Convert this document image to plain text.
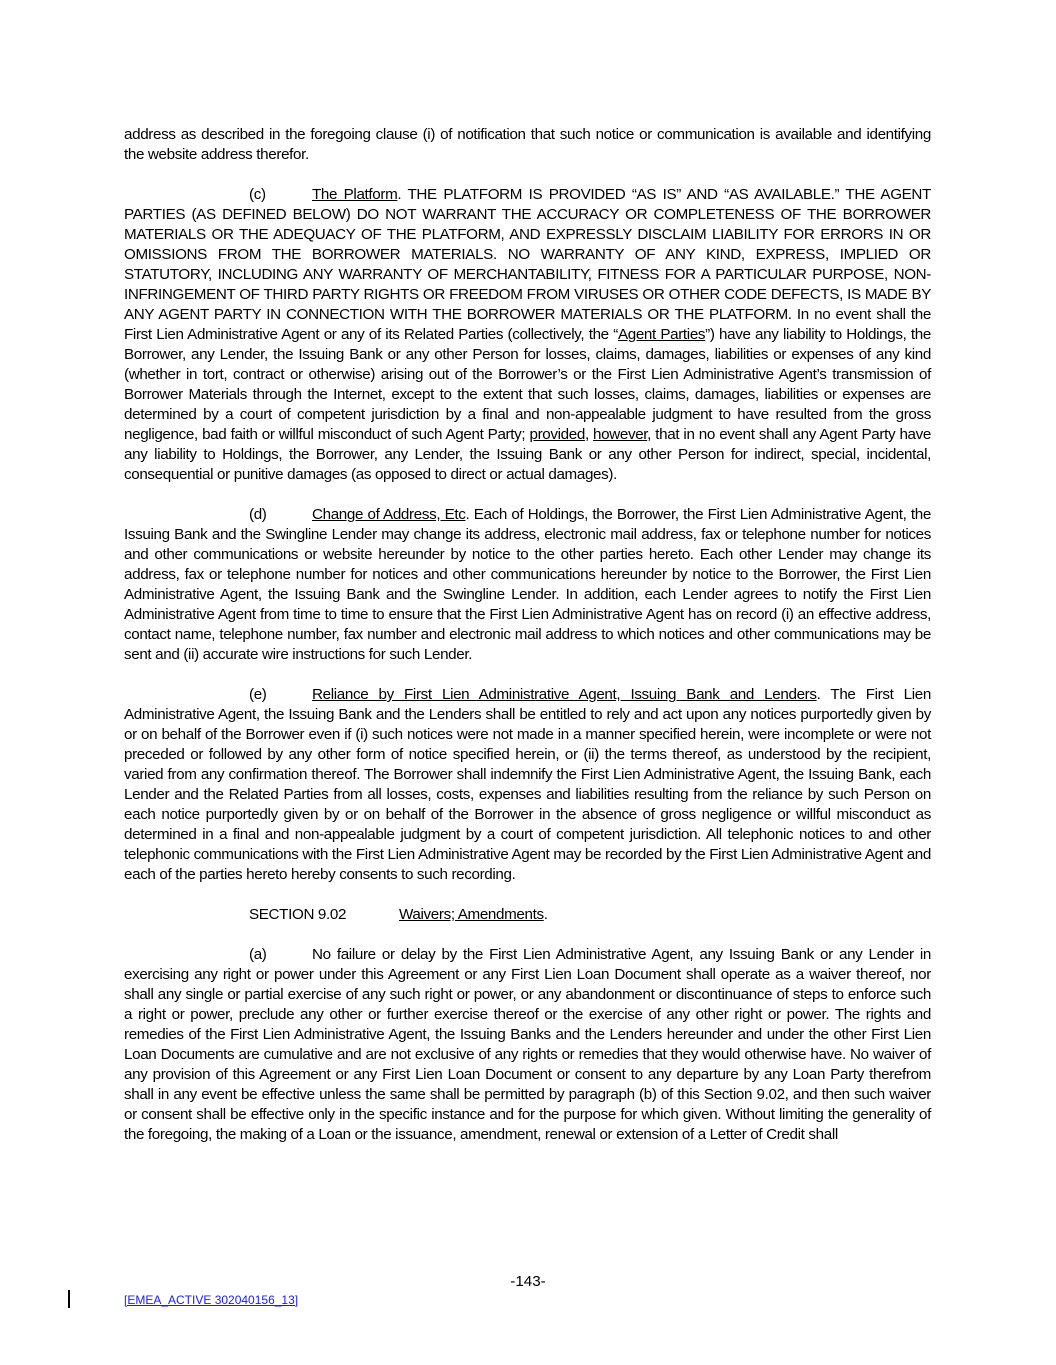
address as described in the foregoing clause (i) of notification that such notice or communication is available and identifying the website address therefor.

(c)	The Platform. THE PLATFORM IS PROVIDED “AS IS” AND “AS AVAILABLE.” THE AGENT PARTIES (AS DEFINED BELOW) DO NOT WARRANT THE ACCURACY OR COMPLETENESS OF THE BORROWER MATERIALS OR THE ADEQUACY OF THE PLATFORM, AND EXPRESSLY DISCLAIM LIABILITY FOR ERRORS IN OR OMISSIONS FROM THE BORROWER MATERIALS. NO WARRANTY OF ANY KIND, EXPRESS, IMPLIED OR STATUTORY, INCLUDING ANY WARRANTY OF MERCHANTABILITY, FITNESS FOR A PARTICULAR PURPOSE, NON-INFRINGEMENT OF THIRD PARTY RIGHTS OR FREEDOM FROM VIRUSES OR OTHER CODE DEFECTS, IS MADE BY ANY AGENT PARTY IN CONNECTION WITH THE BORROWER MATERIALS OR THE PLATFORM. In no event shall the First Lien Administrative Agent or any of its Related Parties (collectively, the “Agent Parties”) have any liability to Holdings, the Borrower, any Lender, the Issuing Bank or any other Person for losses, claims, damages, liabilities or expenses of any kind (whether in tort, contract or otherwise) arising out of the Borrower’s or the First Lien Administrative Agent’s transmission of Borrower Materials through the Internet, except to the extent that such losses, claims, damages, liabilities or expenses are determined by a court of competent jurisdiction by a final and non-appealable judgment to have resulted from the gross negligence, bad faith or willful misconduct of such Agent Party; provided, however, that in no event shall any Agent Party have any liability to Holdings, the Borrower, any Lender, the Issuing Bank or any other Person for indirect, special, incidental, consequential or punitive damages (as opposed to direct or actual damages).

(d)	Change of Address, Etc. Each of Holdings, the Borrower, the First Lien Administrative Agent, the Issuing Bank and the Swingline Lender may change its address, electronic mail address, fax or telephone number for notices and other communications or website hereunder by notice to the other parties hereto. Each other Lender may change its address, fax or telephone number for notices and other communications hereunder by notice to the Borrower, the First Lien Administrative Agent, the Issuing Bank and the Swingline Lender. In addition, each Lender agrees to notify the First Lien Administrative Agent from time to time to ensure that the First Lien Administrative Agent has on record (i) an effective address, contact name, telephone number, fax number and electronic mail address to which notices and other communications may be sent and (ii) accurate wire instructions for such Lender.

(e)	Reliance by First Lien Administrative Agent, Issuing Bank and Lenders. The First Lien Administrative Agent, the Issuing Bank and the Lenders shall be entitled to rely and act upon any notices purportedly given by or on behalf of the Borrower even if (i) such notices were not made in a manner specified herein, were incomplete or were not preceded or followed by any other form of notice specified herein, or (ii) the terms thereof, as understood by the recipient, varied from any confirmation thereof. The Borrower shall indemnify the First Lien Administrative Agent, the Issuing Bank, each Lender and the Related Parties from all losses, costs, expenses and liabilities resulting from the reliance by such Person on each notice purportedly given by or on behalf of the Borrower in the absence of gross negligence or willful misconduct as determined in a final and non-appealable judgment by a court of competent jurisdiction. All telephonic notices to and other telephonic communications with the First Lien Administrative Agent may be recorded by the First Lien Administrative Agent and each of the parties hereto hereby consents to such recording.

SECTION 9.02	Waivers; Amendments.

(a)	No failure or delay by the First Lien Administrative Agent, any Issuing Bank or any Lender in exercising any right or power under this Agreement or any First Lien Loan Document shall operate as a waiver thereof, nor shall any single or partial exercise of any such right or power, or any abandonment or discontinuance of steps to enforce such a right or power, preclude any other or further exercise thereof or the exercise of any other right or power. The rights and remedies of the First Lien Administrative Agent, the Issuing Banks and the Lenders hereunder and under the other First Lien Loan Documents are cumulative and are not exclusive of any rights or remedies that they would otherwise have. No waiver of any provision of this Agreement or any First Lien Loan Document or consent to any departure by any Loan Party therefrom shall in any event be effective unless the same shall be permitted by paragraph (b) of this Section 9.02, and then such waiver or consent shall be effective only in the specific instance and for the purpose for which given. Without limiting the generality of the foregoing, the making of a Loan or the issuance, amendment, renewal or extension of a Letter of Credit shall

-143-
[EMEA_ACTIVE 302040156_13]
